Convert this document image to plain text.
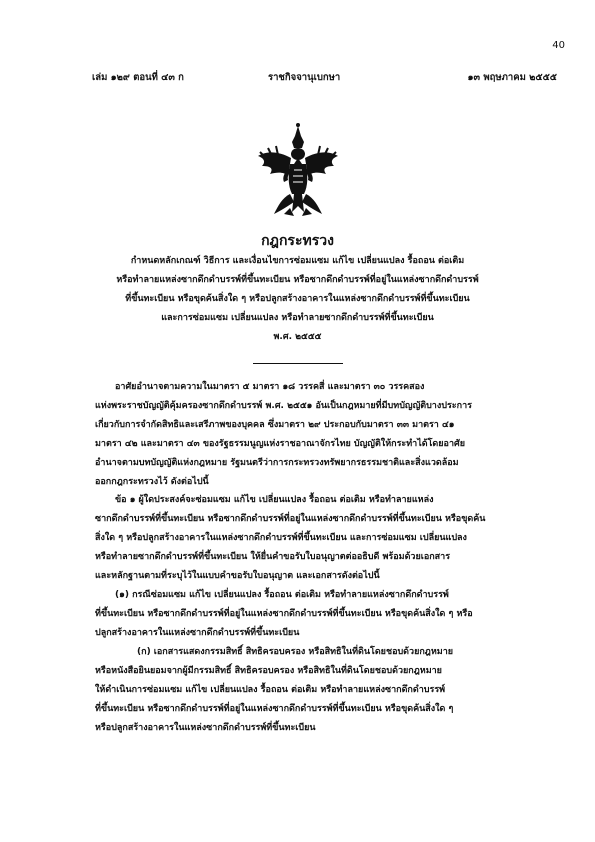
40
เล่ม ๑๒๙ ตอนที่ ๔๓ ก	ราชกิจจานุเบกษา	๑๓ พฤษภาคม ๒๕๕๕
กฎกระทรวง
กำหนดหลักเกณฑ์ วิธีการ และเงื่อนไขการซ่อมแซม แก้ไข เปลี่ยนแปลง รื้อถอน ต่อเติม
หรือทำลายแหล่งซากดึกดำบรรพ์ที่ขึ้นทะเบียน หรือซากดึกดำบรรพ์ที่อยู่ในแหล่งซากดึกดำบรรพ์
ที่ขึ้นทะเบียน หรือขุดค้นสิ่งใด ๆ หรือปลูกสร้างอาคารในแหล่งซากดึกดำบรรพ์ที่ขึ้นทะเบียน
และการซ่อมแซม เปลี่ยนแปลง หรือทำลายซากดึกดำบรรพ์ที่ขึ้นทะเบียน
พ.ศ. ๒๕๕๕
อาศัยอำนาจตามความในมาตรา ๕ มาตรา ๑๘ วรรคสี่ และมาตรา ๓๐ วรรคสอง
แห่งพระราชบัญญัติคุ้มครองซากดึกดำบรรพ์ พ.ศ. ๒๕๕๑ อันเป็นกฎหมายที่มีบทบัญญัติบางประการ
เกี่ยวกับการจำกัดสิทธิและเสรีภาพของบุคคล ซึ่งมาตรา ๒๙ ประกอบกับมาตรา ๓๓ มาตรา ๔๑
มาตรา ๔๒ และมาตรา ๔๓ ของรัฐธรรมนูญแห่งราชอาณาจักรไทย บัญญัติให้กระทำได้โดยอาศัย
อำนาจตามบทบัญญัติแห่งกฎหมาย รัฐมนตรีว่าการกระทรวงทรัพยากรธรรมชาติและสิ่งแวดล้อม
ออกกฎกระทรวงไว้ ดังต่อไปนี้
ข้อ ๑ ผู้ใดประสงค์จะซ่อมแซม แก้ไข เปลี่ยนแปลง รื้อถอน ต่อเติม หรือทำลายแหล่ง
ซากดึกดำบรรพ์ที่ขึ้นทะเบียน หรือซากดึกดำบรรพ์ที่อยู่ในแหล่งซากดึกดำบรรพ์ที่ขึ้นทะเบียน หรือขุดค้น
สิ่งใด ๆ หรือปลูกสร้างอาคารในแหล่งซากดึกดำบรรพ์ที่ขึ้นทะเบียน และการซ่อมแซม เปลี่ยนแปลง
หรือทำลายซากดึกดำบรรพ์ที่ขึ้นทะเบียน ให้ยื่นคำขอรับใบอนุญาตต่ออธิบดี พร้อมด้วยเอกสาร
และหลักฐานตามที่ระบุไว้ในแบบคำขอรับใบอนุญาต และเอกสารดังต่อไปนี้
(๑) กรณีซ่อมแซม แก้ไข เปลี่ยนแปลง รื้อถอน ต่อเติม หรือทำลายแหล่งซากดึกดำบรรพ์
ที่ขึ้นทะเบียน หรือซากดึกดำบรรพ์ที่อยู่ในแหล่งซากดึกดำบรรพ์ที่ขึ้นทะเบียน หรือขุดค้นสิ่งใด ๆ หรือ
ปลูกสร้างอาคารในแหล่งซากดึกดำบรรพ์ที่ขึ้นทะเบียน
(ก) เอกสารแสดงกรรมสิทธิ์ สิทธิครอบครอง หรือสิทธิในที่ดินโดยชอบด้วยกฎหมาย
หรือหนังสือยินยอมจากผู้มีกรรมสิทธิ์ สิทธิครอบครอง หรือสิทธิในที่ดินโดยชอบด้วยกฎหมาย
ให้ดำเนินการซ่อมแซม แก้ไข เปลี่ยนแปลง รื้อถอน ต่อเติม หรือทำลายแหล่งซากดึกดำบรรพ์
ที่ขึ้นทะเบียน หรือซากดึกดำบรรพ์ที่อยู่ในแหล่งซากดึกดำบรรพ์ที่ขึ้นทะเบียน หรือขุดค้นสิ่งใด ๆ
หรือปลูกสร้างอาคารในแหล่งซากดึกดำบรรพ์ที่ขึ้นทะเบียน
